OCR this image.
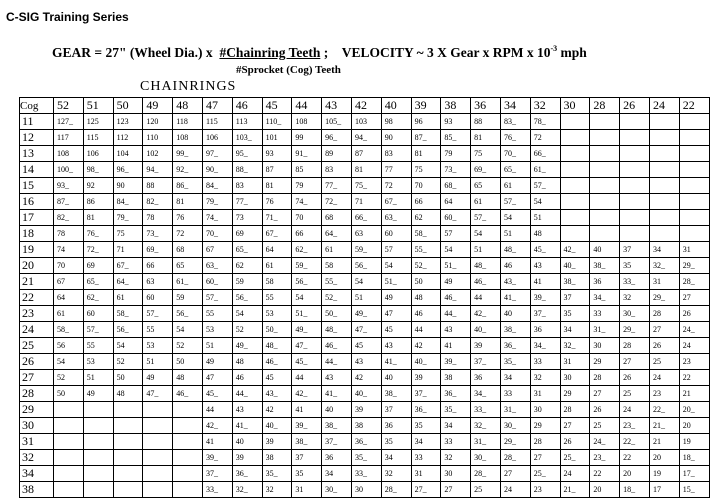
C-SIG Training Series
GEAR = 27" (Wheel Dia.) x #Chainring Teeth ; VELOCITY ~ 3 X Gear x RPM x $10^{-3}$ mph
#Sprocket (Cog) Teeth
CHAINRINGS
Cog	52	51	50	49	48	47	46	45	44	43	42	40	39	38	36	34	32	30	28	26	24	22
11	127_	125	123	120	118	115	113	110_	108	105_	103	98	96	93	88	83_	78_					
12	117	115	112	110	108	106	103_	101	99	96_	94_	90	87_	85_	81	76_	72					
13	108	106	104	102	99_	97_	95_	93	91_	89	87	83	81	79	75	70_	66_					
14	100_	98_	96_	94_	92_	90_	88_	87	85	83	81	77	75	73_	69_	65_	61_					
15	93_	92	90	88	86_	84_	83	81	79	77_	75_	72	70	68_	65	61	57_					
16	87_	86	84_	82_	81	79_	77_	76	74_	72_	71	67_	66	64	61	57_	54					
17	82_	81	79_	78	76	74_	73	71_	70	68	66_	63_	62	60_	57_	54	51					
18	78	76_	75	73_	72	70_	69	67_	66	64_	63	60	58_	57	54	51	48					
19	74	72_	71	69_	68	67	65_	64	62_	61	59_	57	55_	54	51	48_	45_	42_	40	37	34	31
20	70	69	67_	66	65	63_	62	61	59_	58	56_	54	52_	51_	48_	46	43	40_	38_	35	32_	29_
21	67	65_	64_	63	61_	60_	59	58	56_	55_	54	51_	50	49	46_	43_	41	38_	36	33_	31	28_
22	64	62_	61	60	59	57_	56_	55	54	52_	51	49	48	46_	44	41_	39_	37	34_	32	29_	27
23	61	60	58_	57_	56_	55	54	53	51_	50_	49_	47	46	44_	42_	40	37_	35	33	30_	28	26
24	58_	57_	56_	55	54	53	52	50_	49_	48_	47_	45	44	43	40_	38_	36	34	31_	29_	27	24_
25	56	55	54	53	52	51	49_	48_	47_	46_	45	43	42	41	39	36_	34_	32_	30	28	26	24
26	54	53	52	51	50	49	48	46_	45_	44_	43	41_	40_	39_	37_	35_	33	31	29	27	25	23
27	52	51	50	49	48	47	46	45	44	43	42	40	39	38	36	34	32	30	28	26	24	22
28	50	49	48	47_	46_	45_	44_	43_	42_	41_	40_	38_	37_	36_	34_	33	31	29	27	25	23	21
29						44	43	42	41	40	39	37	36_	35_	33_	31_	30	28	26	24	22_	20_
30						42_	41_	40_	39_	38_	38	36	35	34	32_	30_	29	27	25	23_	21_	20
31						41	40	39	38_	37_	36_	35	34	33	31_	29_	28	26	24_	22_	21	19
32						39_	39	38	37	36	35_	34	33	32	30_	28_	27	25_	23_	22	20	18_
34						37_	36_	35_	35	34	33_	32	31	30	28_	27	25_	24	22	20	19	17_
38						33_	32_	32	31	30_	30	28_	27_	27	25	24	23	21_	20	18_	17	15_
